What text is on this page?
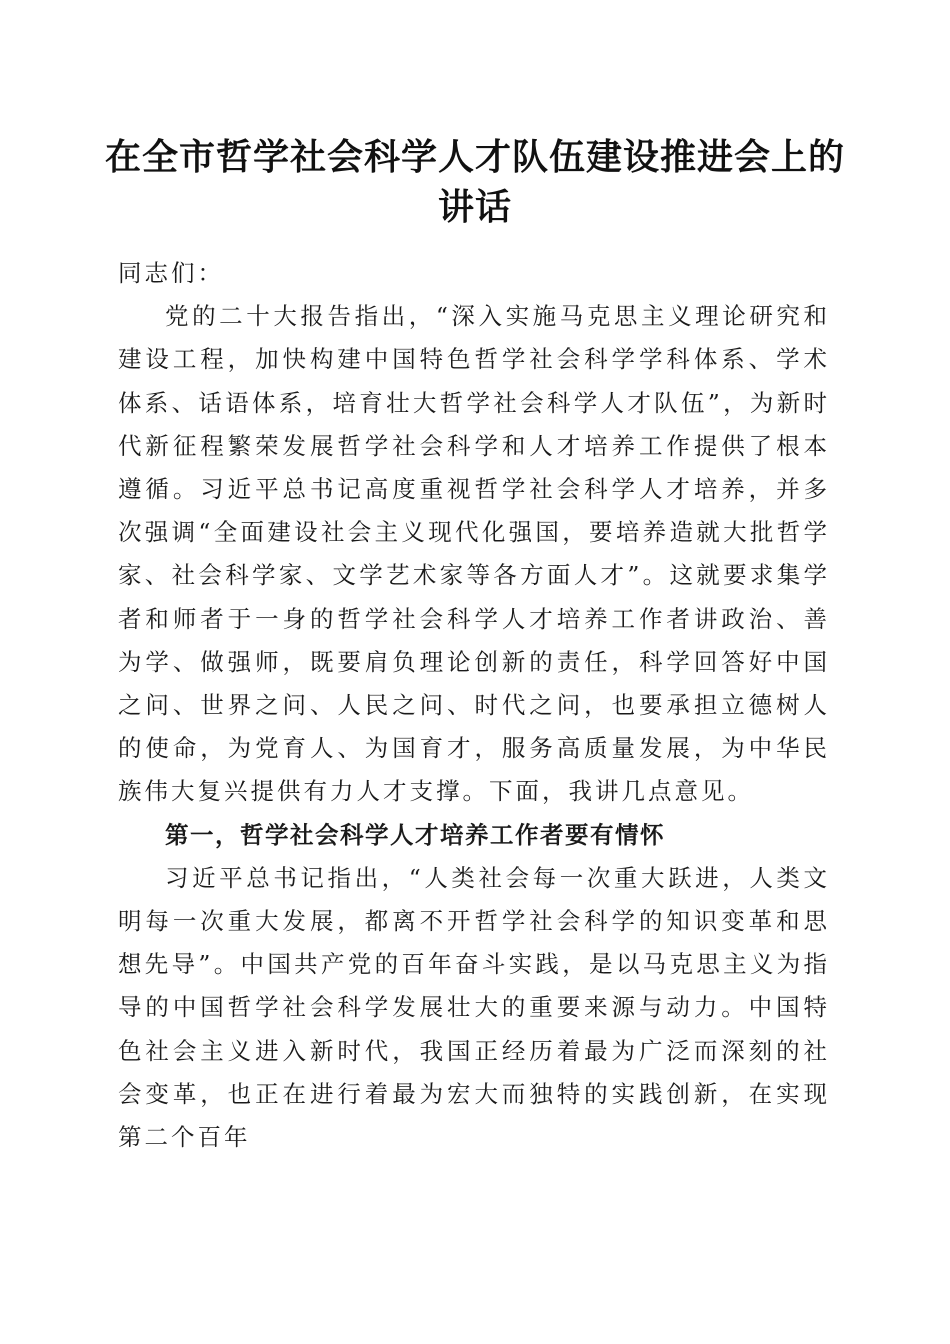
在全市哲学社会科学人才队伍建设推进会上的讲话

同志们：

党的二十大报告指出，“深入实施马克思主义理论研究和建设工程，加快构建中国特色哲学社会科学学科体系、学术体系、话语体系，培育壮大哲学社会科学人才队伍”，为新时代新征程繁荣发展哲学社会科学和人才培养工作提供了根本遵循。习近平总书记高度重视哲学社会科学人才培养，并多次强调“全面建设社会主义现代化强国，要培养造就大批哲学家、社会科学家、文学艺术家等各方面人才”。这就要求集学者和师者于一身的哲学社会科学人才培养工作者讲政治、善为学、做强师，既要肩负理论创新的责任，科学回答好中国之问、世界之问、人民之问、时代之问，也要承担立德树人的使命，为党育人、为国育才，服务高质量发展，为中华民族伟大复兴提供有力人才支撑。下面，我讲几点意见。

第一，哲学社会科学人才培养工作者要有情怀

习近平总书记指出，“人类社会每一次重大跃进，人类文明每一次重大发展，都离不开哲学社会科学的知识变革和思想先导”。中国共产党的百年奋斗实践，是以马克思主义为指导的中国哲学社会科学发展壮大的重要来源与动力。中国特色社会主义进入新时代，我国正经历着最为广泛而深刻的社会变革，也正在进行着最为宏大而独特的实践创新，在实现第二个百年
